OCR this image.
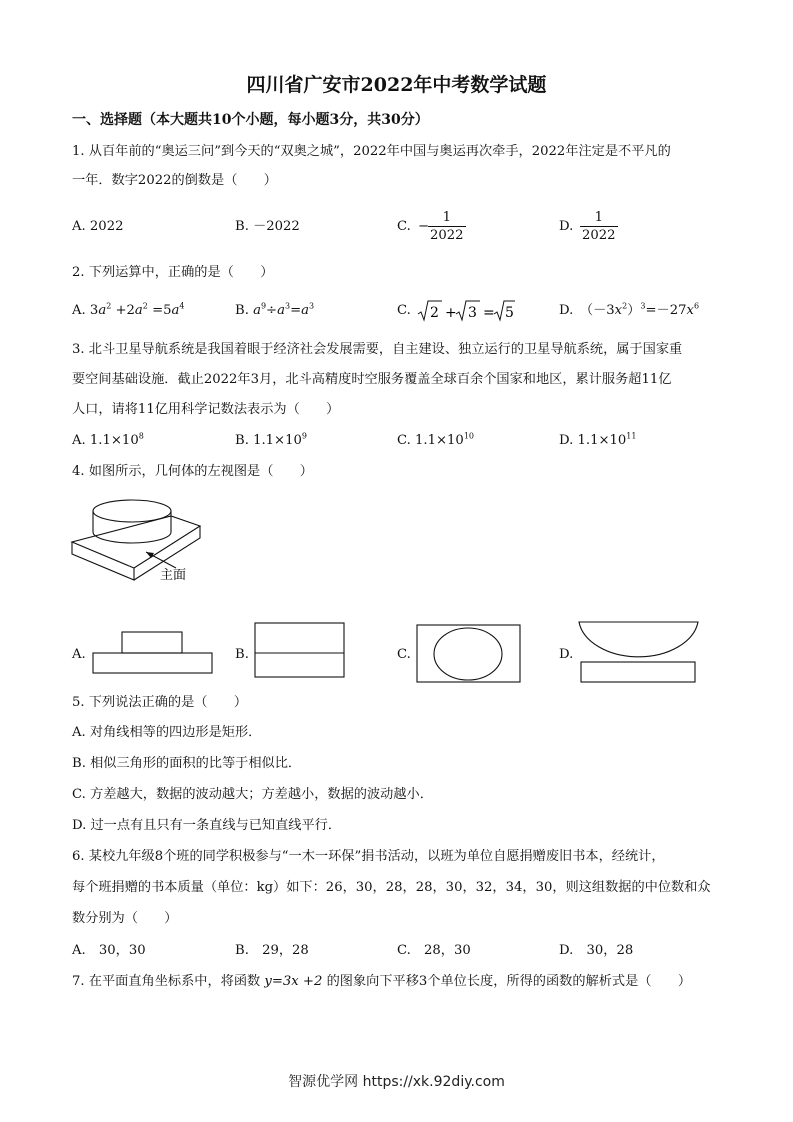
四川省广安市2022年中考数学试题
一、选择题（本大题共10个小题，每小题3分，共30分）
1. 从百年前的“奥运三问”到今天的“双奥之城”，2022年中国与奥运再次牵手，2022年注定是不平凡的
一年．数字2022的倒数是（　　）
A. 2022	B. －2022	C. −
$\frac{1}{2022}$	D. $\frac{1}{2022}$
2. 下列运算中，正确的是（　　）
A. $3a^2 +2a^2 =5a^4$	B. $a^9\div a^3=a^3$	C. 2 + 3 = 5	D.　$(-3x^2)^3=-27x^6$
3. 北斗卫星导航系统是我国着眼于经济社会发展需要，自主建设、独立运行的卫星导航系统，属于国家重
要空间基础设施．截止2022年3月，北斗高精度时空服务覆盖全球百余个国家和地区，累计服务超11亿
人口，请将11亿用科学记数法表示为（　　）
A. $1.1\times 10^8$	B. $1.1\times 10^9$	C. $1.1\times 10^{10}$	D. $1.1\times 10^{11}$
4. 如图所示，几何体的左视图是（　　）
主面
A.	B.	C.	D.
5. 下列说法正确的是（　　）
A. 对角线相等的四边形是矩形．
B. 相似三角形的面积的比等于相似比．
C. 方差越大，数据的波动越大；方差越小，数据的波动越小．
D. 过一点有且只有一条直线与已知直线平行．
6. 某校九年级8个班的同学积极参与“一木一环保”捐书活动，以班为单位自愿捐赠废旧书本，经统计，
每个班捐赠的书本质量（单位：kg）如下：26，30，28，28，30，32，34，30，则这组数据的中位数和众
数分别为（　　）
A.　30，30	B.　29，28	C.　28，30	D.　30，28
7. 在平面直角坐标系中，将函数 y=3x +2 的图象向下平移3个单位长度，所得的函数的解析式是（　　）
智源优学网 https://xk.92diy.com
